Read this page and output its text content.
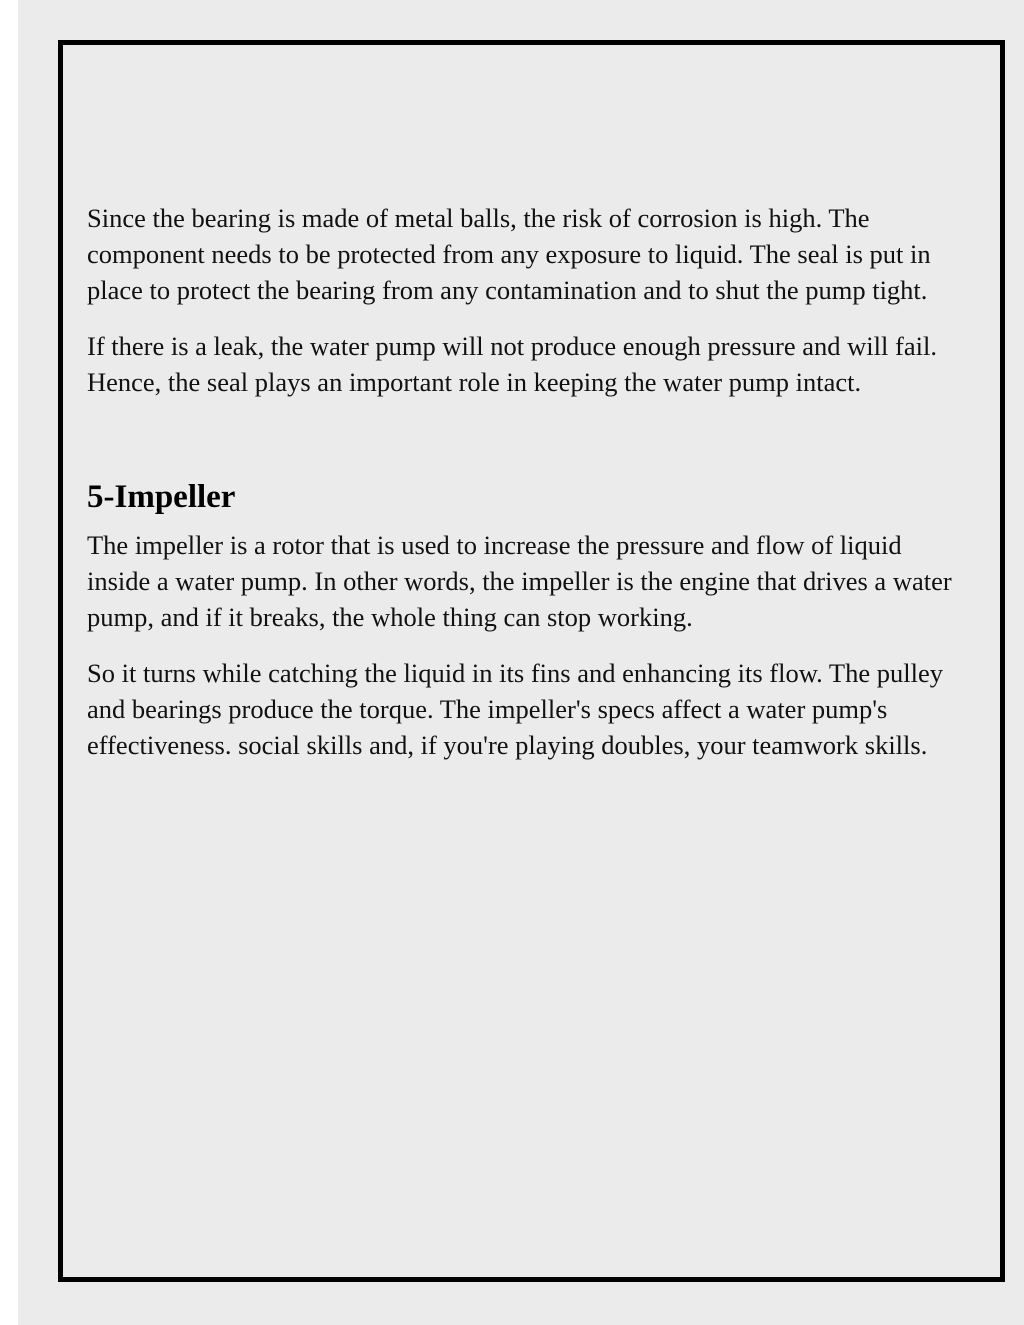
Since the bearing is made of metal balls, the risk of corrosion is high. The component needs to be protected from any exposure to liquid. The seal is put in place to protect the bearing from any contamination and to shut the pump tight.

If there is a leak, the water pump will not produce enough pressure and will fail. Hence, the seal plays an important role in keeping the water pump intact.

5-Impeller

The impeller is a rotor that is used to increase the pressure and flow of liquid inside a water pump. In other words, the impeller is the engine that drives a water pump, and if it breaks, the whole thing can stop working.

So it turns while catching the liquid in its fins and enhancing its flow. The pulley and bearings produce the torque. The impeller's specs affect a water pump's effectiveness. social skills and, if you're playing doubles, your teamwork skills.
